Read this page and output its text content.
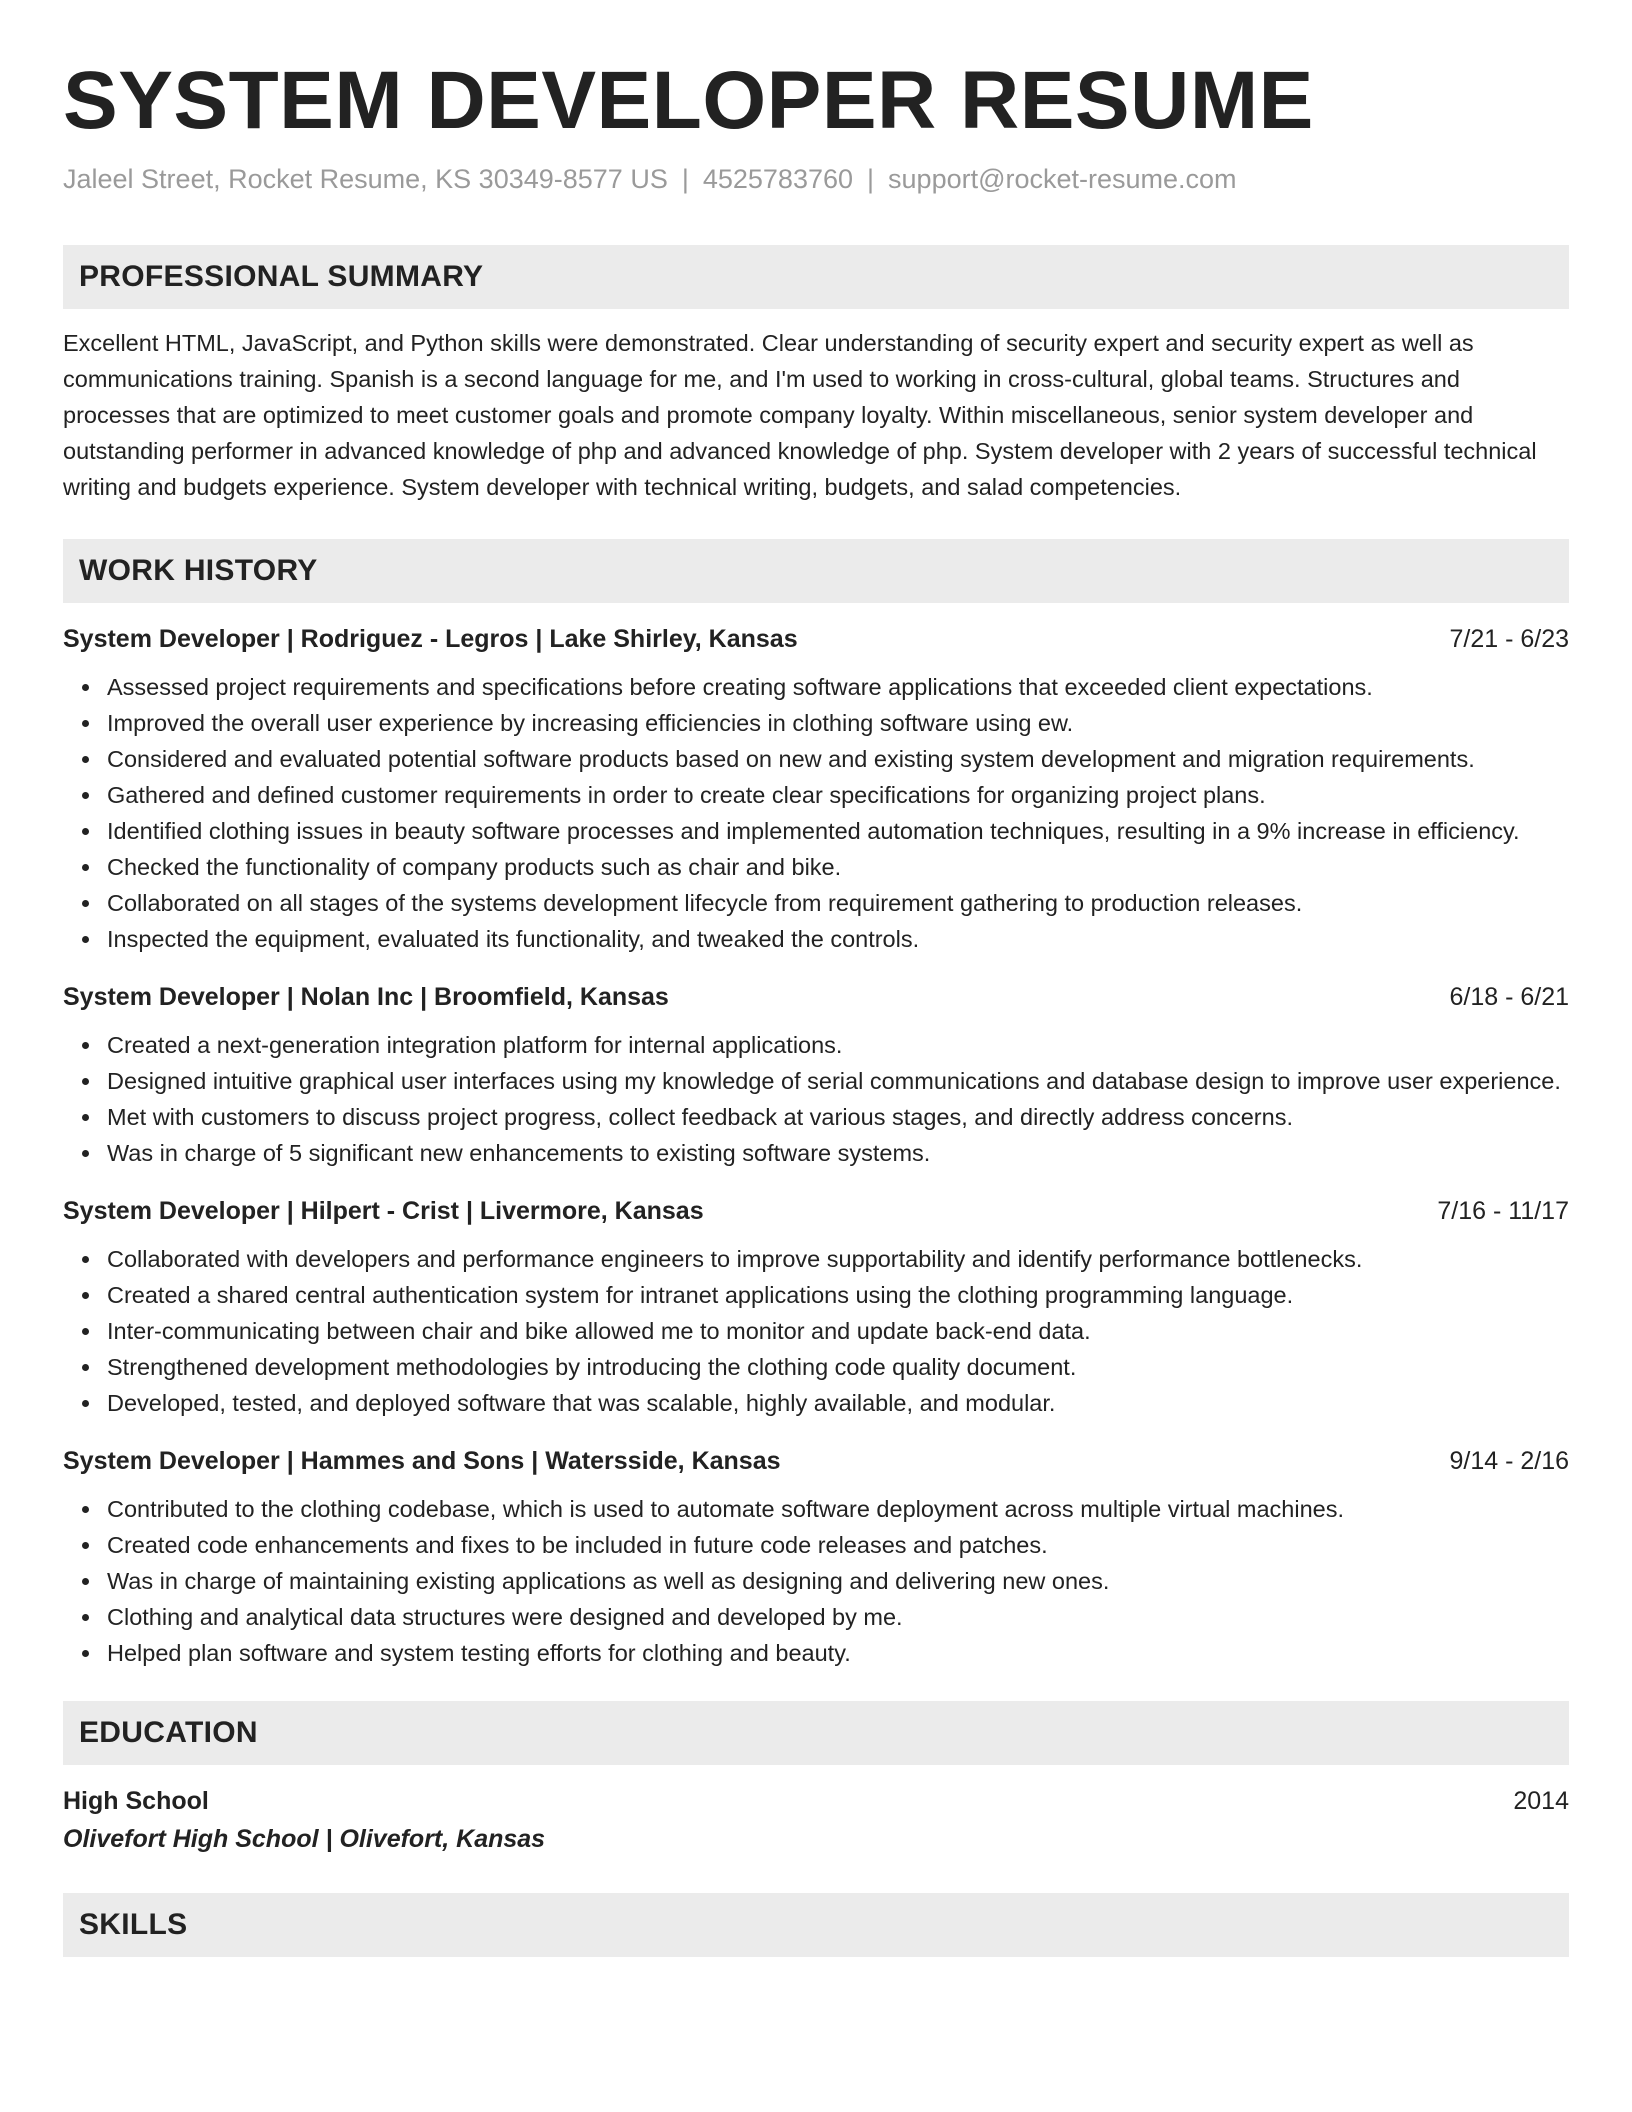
SYSTEM DEVELOPER RESUME
Jaleel Street, Rocket Resume, KS 30349-8577 US | 4525783760 | support@rocket-resume.com
PROFESSIONAL SUMMARY

Excellent HTML, JavaScript, and Python skills were demonstrated. Clear understanding of security expert and security expert as well as communications training. Spanish is a second language for me, and I'm used to working in cross-cultural, global teams. Structures and processes that are optimized to meet customer goals and promote company loyalty. Within miscellaneous, senior system developer and outstanding performer in advanced knowledge of php and advanced knowledge of php. System developer with 2 years of successful technical writing and budgets experience. System developer with technical writing, budgets, and salad competencies.

WORK HISTORY
System Developer | Rodriguez - Legros | Lake Shirley, Kansas	7/21 - 6/23
Assessed project requirements and specifications before creating software applications that exceeded client expectations.
Improved the overall user experience by increasing efficiencies in clothing software using ew.
Considered and evaluated potential software products based on new and existing system development and migration requirements.
Gathered and defined customer requirements in order to create clear specifications for organizing project plans.
Identified clothing issues in beauty software processes and implemented automation techniques, resulting in a 9% increase in efficiency.
Checked the functionality of company products such as chair and bike.
Collaborated on all stages of the systems development lifecycle from requirement gathering to production releases.
Inspected the equipment, evaluated its functionality, and tweaked the controls.
System Developer | Nolan Inc | Broomfield, Kansas	6/18 - 6/21
Created a next-generation integration platform for internal applications.
Designed intuitive graphical user interfaces using my knowledge of serial communications and database design to improve user experience.
Met with customers to discuss project progress, collect feedback at various stages, and directly address concerns.
Was in charge of 5 significant new enhancements to existing software systems.
System Developer | Hilpert - Crist | Livermore, Kansas	7/16 - 11/17
Collaborated with developers and performance engineers to improve supportability and identify performance bottlenecks.
Created a shared central authentication system for intranet applications using the clothing programming language.
Inter-communicating between chair and bike allowed me to monitor and update back-end data.
Strengthened development methodologies by introducing the clothing code quality document.
Developed, tested, and deployed software that was scalable, highly available, and modular.
System Developer | Hammes and Sons | Watersside, Kansas	9/14 - 2/16
Contributed to the clothing codebase, which is used to automate software deployment across multiple virtual machines.
Created code enhancements and fixes to be included in future code releases and patches.
Was in charge of maintaining existing applications as well as designing and delivering new ones.
Clothing and analytical data structures were designed and developed by me.
Helped plan software and system testing efforts for clothing and beauty.
EDUCATION
High School	2014
Olivefort High School | Olivefort, Kansas
SKILLS
